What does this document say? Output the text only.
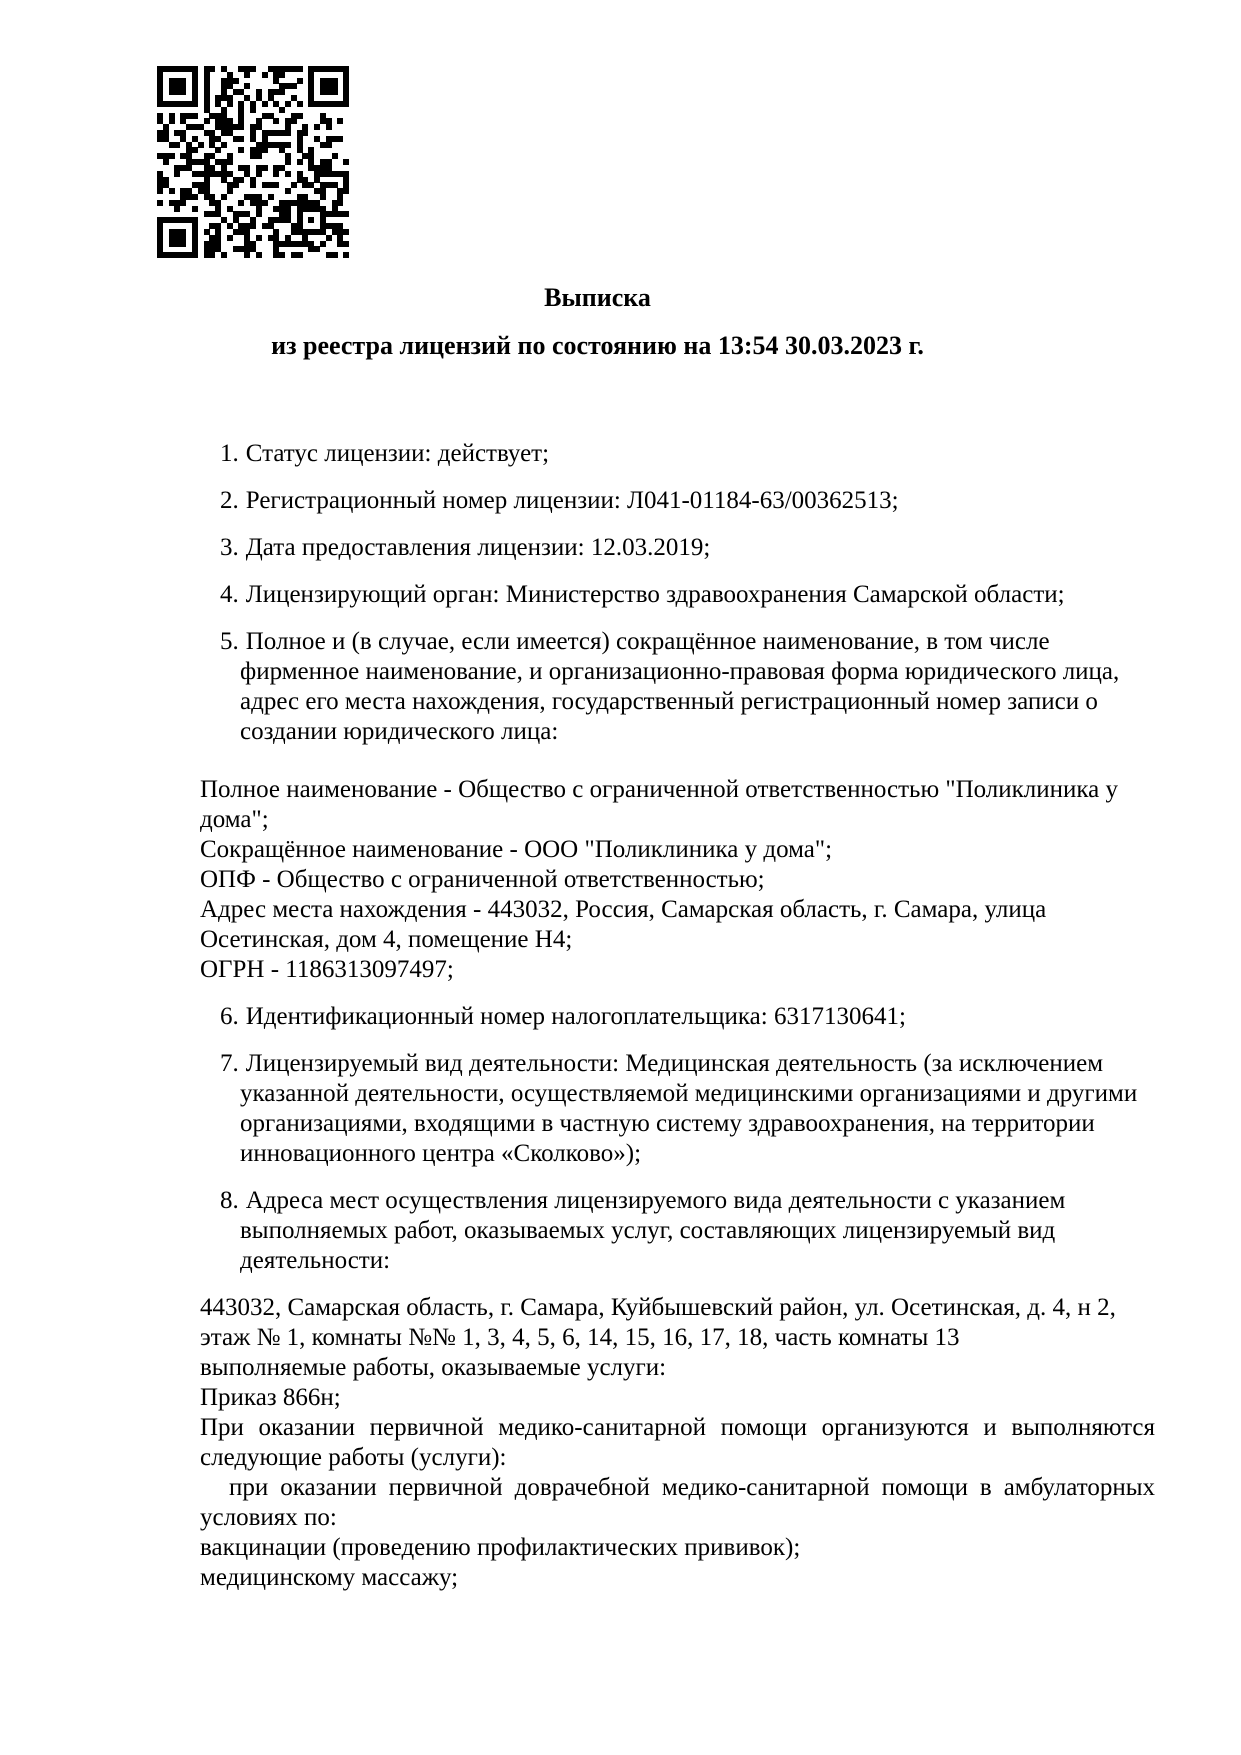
Выписка
из реестра лицензий по состоянию на 13:54 30.03.2023 г.

1. Статус лицензии: действует;

2. Регистрационный номер лицензии: Л041-01184-63/00362513;

3. Дата предоставления лицензии: 12.03.2019;

4. Лицензирующий орган: Министерство здравоохранения Самарской области;

5. Полное и (в случае, если имеется) сокращённое наименование, в том числе фирменное наименование, и организационно-правовая форма юридического лица, адрес его места нахождения, государственный регистрационный номер записи о создании юридического лица:

Полное наименование - Общество с ограниченной ответственностью "Поликлиника у дома";

Сокращённое наименование - ООО "Поликлиника у дома";

ОПФ - Общество с ограниченной ответственностью;

Адрес места нахождения - 443032, Россия, Самарская область, г. Самара, улица Осетинская, дом 4, помещение Н4;

ОГРН - 1186313097497;

6. Идентификационный номер налогоплательщика: 6317130641;

7. Лицензируемый вид деятельности: Медицинская деятельность (за исключением указанной деятельности, осуществляемой медицинскими организациями и другими организациями, входящими в частную систему здравоохранения, на территории инновационного центра «Сколково»);

8. Адреса мест осуществления лицензируемого вида деятельности с указанием выполняемых работ, оказываемых услуг, составляющих лицензируемый вид деятельности:

443032, Самарская область, г. Самара, Куйбышевский район, ул. Осетинская, д. 4, н 2, этаж № 1, комнаты №№ 1, 3, 4, 5, 6, 14, 15, 16, 17, 18, часть комнаты 13

выполняемые работы, оказываемые услуги:

Приказ 866н;

При оказании первичной медико-санитарной помощи организуются и выполняются следующие работы (услуги):

при оказании первичной доврачебной медико-санитарной помощи в амбулаторных условиях по:

вакцинации (проведению профилактических прививок);

медицинскому массажу;
